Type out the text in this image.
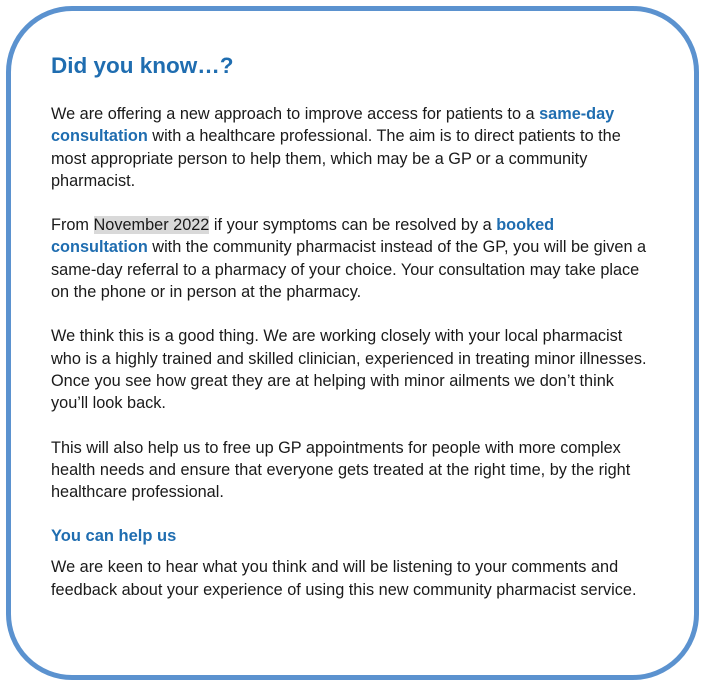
Did you know…?

We are offering a new approach to improve access for patients to a same-day consultation with a healthcare professional. The aim is to direct patients to the most appropriate person to help them, which may be a GP or a community pharmacist.

From November 2022 if your symptoms can be resolved by a booked consultation with the community pharmacist instead of the GP, you will be given a same-day referral to a pharmacy of your choice. Your consultation may take place on the phone or in person at the pharmacy.

We think this is a good thing. We are working closely with your local pharmacist who is a highly trained and skilled clinician, experienced in treating minor illnesses. Once you see how great they are at helping with minor ailments we don’t think you’ll look back.

This will also help us to free up GP appointments for people with more complex health needs and ensure that everyone gets treated at the right time, by the right healthcare professional.

You can help us

We are keen to hear what you think and will be listening to your comments and feedback about your experience of using this new community pharmacist service.
